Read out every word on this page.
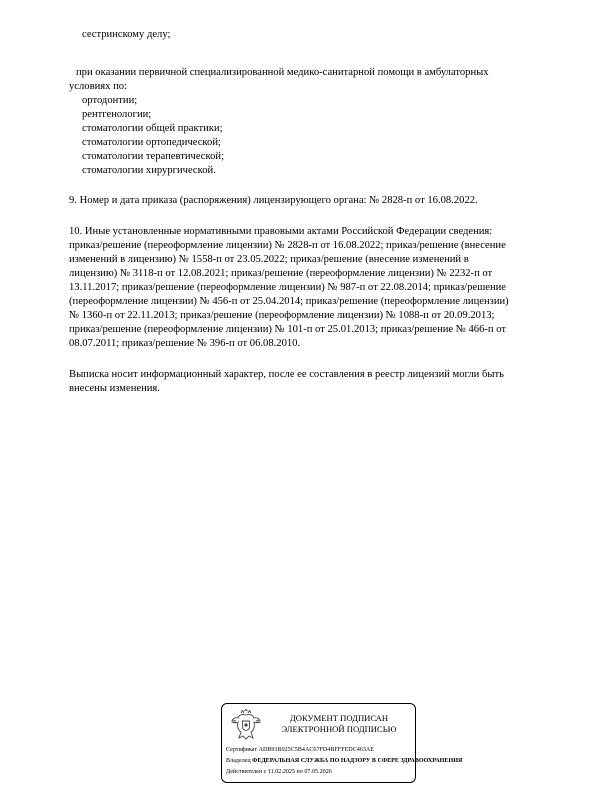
сестринскому делу;
при оказании первичной специализированной медико-санитарной помощи в амбулаторных
условиях по:
ортодонтии;
рентгенологии;
стоматологии общей практики;
стоматологии ортопедической;
стоматологии терапевтической;
стоматологии хирургической.
9. Номер и дата приказа (распоряжения) лицензирующего органа: № 2828-п от 16.08.2022.
10. Иные установленные нормативными правовыми актами Российской Федерации сведения:
приказ/решение (переоформление лицензии) № 2828-п от 16.08.2022; приказ/решение (внесение
изменений в лицензию) № 1558-п от 23.05.2022; приказ/решение (внесение изменений в
лицензию) № 3118-п от 12.08.2021; приказ/решение (переоформление лицензии) № 2232-п от
13.11.2017; приказ/решение (переоформление лицензии) № 987-п от 22.08.2014; приказ/решение
(переоформление лицензии) № 456-п от 25.04.2014; приказ/решение (переоформление лицензии)
№ 1360-п от 22.11.2013; приказ/решение (переоформление лицензии) № 1088-п от 20.09.2013;
приказ/решение (переоформление лицензии) № 101-п от 25.01.2013; приказ/решение № 466-п от
08.07.2011; приказ/решение № 396-п от 06.08.2010.
Выписка носит информационный характер, после ее составления в реестр лицензий могли быть
внесены изменения.
ДОКУМЕНТ ПОДПИСАН
ЭЛЕКТРОННОЙ ПОДПИСЬЮ
Сертификат ADB91B925C5B4AC67FD4BFFFEDC463AE
Владелец ФЕДЕРАЛЬНАЯ СЛУЖБА ПО НАДЗОРУ В СФЕРЕ ЗДРАВООХРАНЕНИЯ
Действителен с 11.02.2025 по 07.05.2026
